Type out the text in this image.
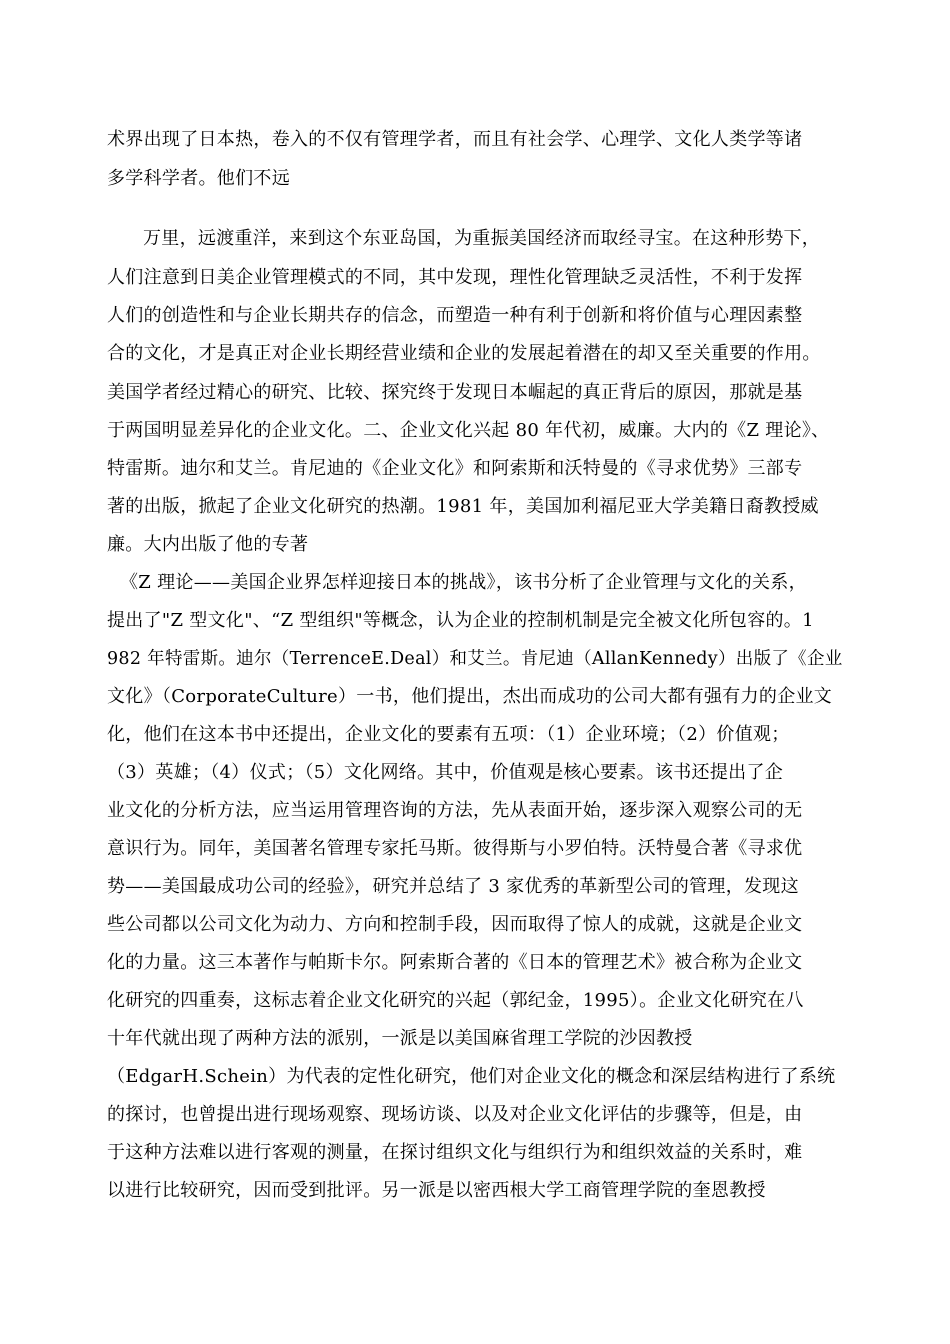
术界出现了日本热，卷入的不仅有管理学者，而且有社会学、心理学、文化人类学等诸
多学科学者。他们不远
万里，远渡重洋，来到这个东亚岛国，为重振美国经济而取经寻宝。在这种形势下，
人们注意到日美企业管理模式的不同，其中发现，理性化管理缺乏灵活性，不利于发挥
人们的创造性和与企业长期共存的信念，而塑造一种有利于创新和将价值与心理因素整
合的文化，才是真正对企业长期经营业绩和企业的发展起着潜在的却又至关重要的作用。
美国学者经过精心的研究、比较、探究终于发现日本崛起的真正背后的原因，那就是基
于两国明显差异化的企业文化。二、企业文化兴起 80 年代初，威廉。大内的《Z 理论》、
特雷斯。迪尔和艾兰。肯尼迪的《企业文化》和阿索斯和沃特曼的《寻求优势》三部专
著的出版，掀起了企业文化研究的热潮。1981 年，美国加利福尼亚大学美籍日裔教授威
廉。大内出版了他的专著
《Z 理论——美国企业界怎样迎接日本的挑战》，该书分析了企业管理与文化的关系，
提出了"Z 型文化"、“Z 型组织"等概念，认为企业的控制机制是完全被文化所包容的。1
982 年特雷斯。迪尔（TerrenceE.Deal）和艾兰。肯尼迪（AllanKennedy）出版了《企业
文化》（CorporateCulture）一书，他们提出，杰出而成功的公司大都有强有力的企业文
化，他们在这本书中还提出，企业文化的要素有五项：（1）企业环境；（2）价值观；
（3）英雄；（4）仪式；（5）文化网络。其中，价值观是核心要素。该书还提出了企
业文化的分析方法，应当运用管理咨询的方法，先从表面开始，逐步深入观察公司的无
意识行为。同年，美国著名管理专家托马斯。彼得斯与小罗伯特。沃特曼合著《寻求优
势——美国最成功公司的经验》，研究并总结了 3 家优秀的革新型公司的管理，发现这
些公司都以公司文化为动力、方向和控制手段，因而取得了惊人的成就，这就是企业文
化的力量。这三本著作与帕斯卡尔。阿索斯合著的《日本的管理艺术》被合称为企业文
化研究的四重奏，这标志着企业文化研究的兴起（郭纪金，1995）。企业文化研究在八
十年代就出现了两种方法的派别，一派是以美国麻省理工学院的沙因教授
（EdgarH.Schein）为代表的定性化研究，他们对企业文化的概念和深层结构进行了系统
的探讨，也曾提出进行现场观察、现场访谈、以及对企业文化评估的步骤等，但是，由
于这种方法难以进行客观的测量，在探讨组织文化与组织行为和组织效益的关系时，难
以进行比较研究，因而受到批评。另一派是以密西根大学工商管理学院的奎恩教授
